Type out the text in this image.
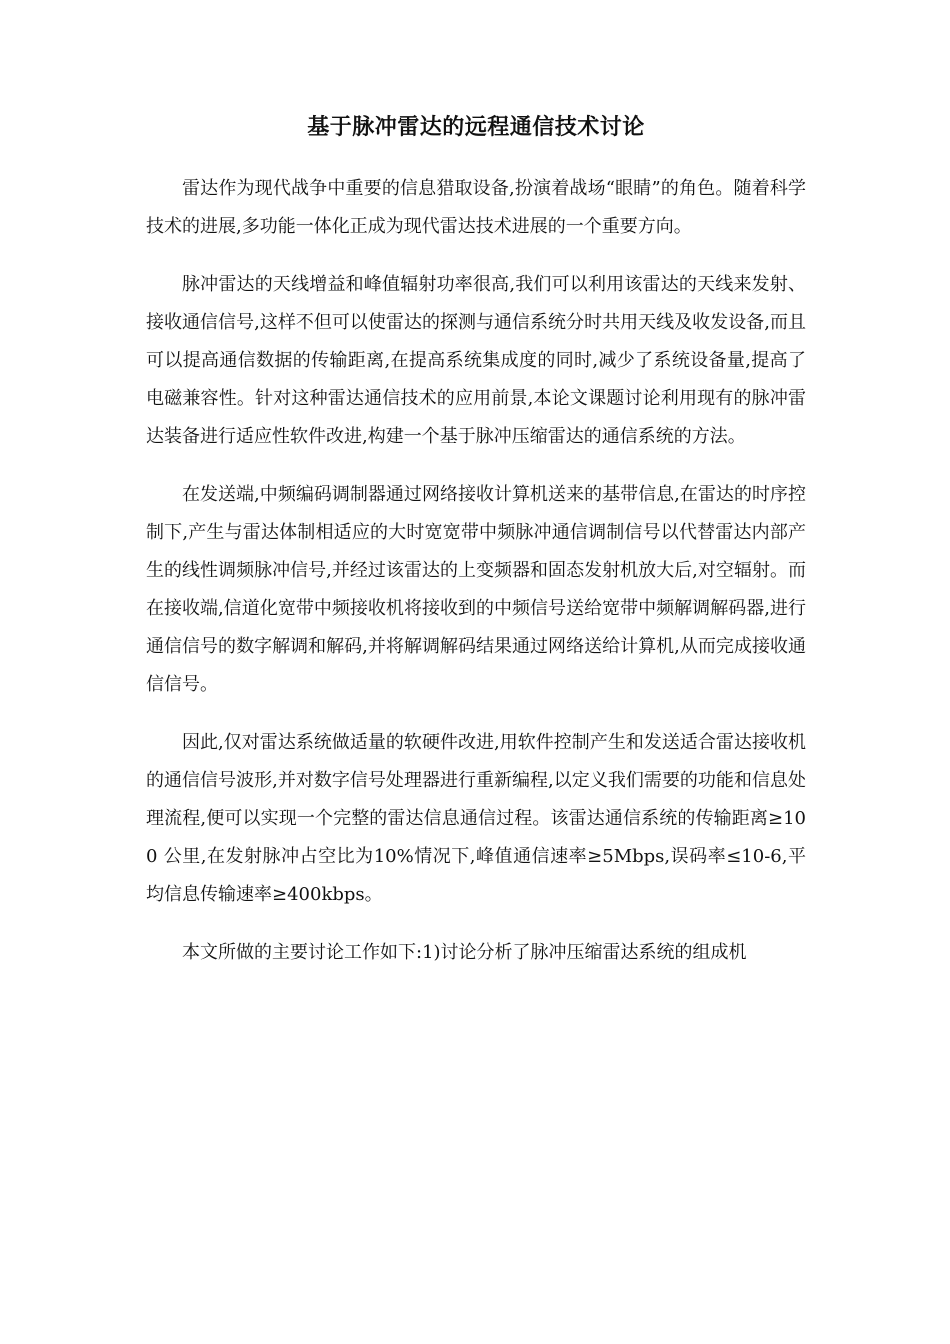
基于脉冲雷达的远程通信技术讨论

雷达作为现代战争中重要的信息猎取设备,扮演着战场“眼睛”的角色。随着科学技术的进展,多功能一体化正成为现代雷达技术进展的一个重要方向。

脉冲雷达的天线增益和峰值辐射功率很高,我们可以利用该雷达的天线来发射、接收通信信号,这样不但可以使雷达的探测与通信系统分时共用天线及收发设备,而且可以提高通信数据的传输距离,在提高系统集成度的同时,减少了系统设备量,提高了电磁兼容性。针对这种雷达通信技术的应用前景,本论文课题讨论利用现有的脉冲雷达装备进行适应性软件改进,构建一个基于脉冲压缩雷达的通信系统的方法。

在发送端,中频编码调制器通过网络接收计算机送来的基带信息,在雷达的时序控制下,产生与雷达体制相适应的大时宽宽带中频脉冲通信调制信号以代替雷达内部产生的线性调频脉冲信号,并经过该雷达的上变频器和固态发射机放大后,对空辐射。而在接收端,信道化宽带中频接收机将接收到的中频信号送给宽带中频解调解码器,进行通信信号的数字解调和解码,并将解调解码结果通过网络送给计算机,从而完成接收通信信号。

因此,仅对雷达系统做适量的软硬件改进,用软件控制产生和发送适合雷达接收机的通信信号波形,并对数字信号处理器进行重新编程,以定义我们需要的功能和信息处理流程,便可以实现一个完整的雷达信息通信过程。该雷达通信系统的传输距离≥100 公里,在发射脉冲占空比为10%情况下,峰值通信速率≥5Mbps,误码率≤10-6,平均信息传输速率≥400kbps。

本文所做的主要讨论工作如下:1)讨论分析了脉冲压缩雷达系统的组成机
